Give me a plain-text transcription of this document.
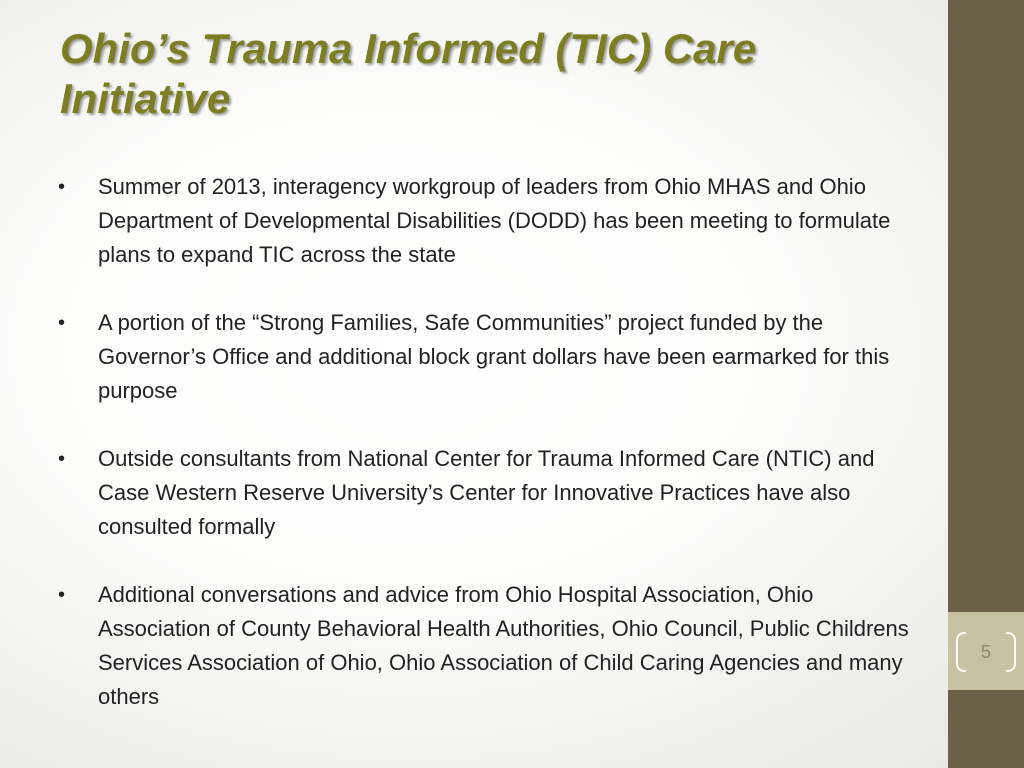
5
Ohio’s Trauma Informed (TIC) Care Initiative
•	Summer of 2013, interagency workgroup of leaders from Ohio MHAS and Ohio Department of Developmental Disabilities (DODD) has been meeting to formulate plans to expand TIC across the state
•	A portion of the “Strong Families, Safe Communities” project funded by the Governor’s Office and additional block grant dollars have been earmarked for this purpose
•	Outside consultants from National Center for Trauma Informed Care (NTIC) and Case Western Reserve University’s Center for Innovative Practices have also consulted formally
•	Additional conversations and advice from Ohio Hospital Association, Ohio Association of County Behavioral Health Authorities, Ohio Council, Public Childrens Services Association of Ohio, Ohio Association of Child Caring Agencies and many others
